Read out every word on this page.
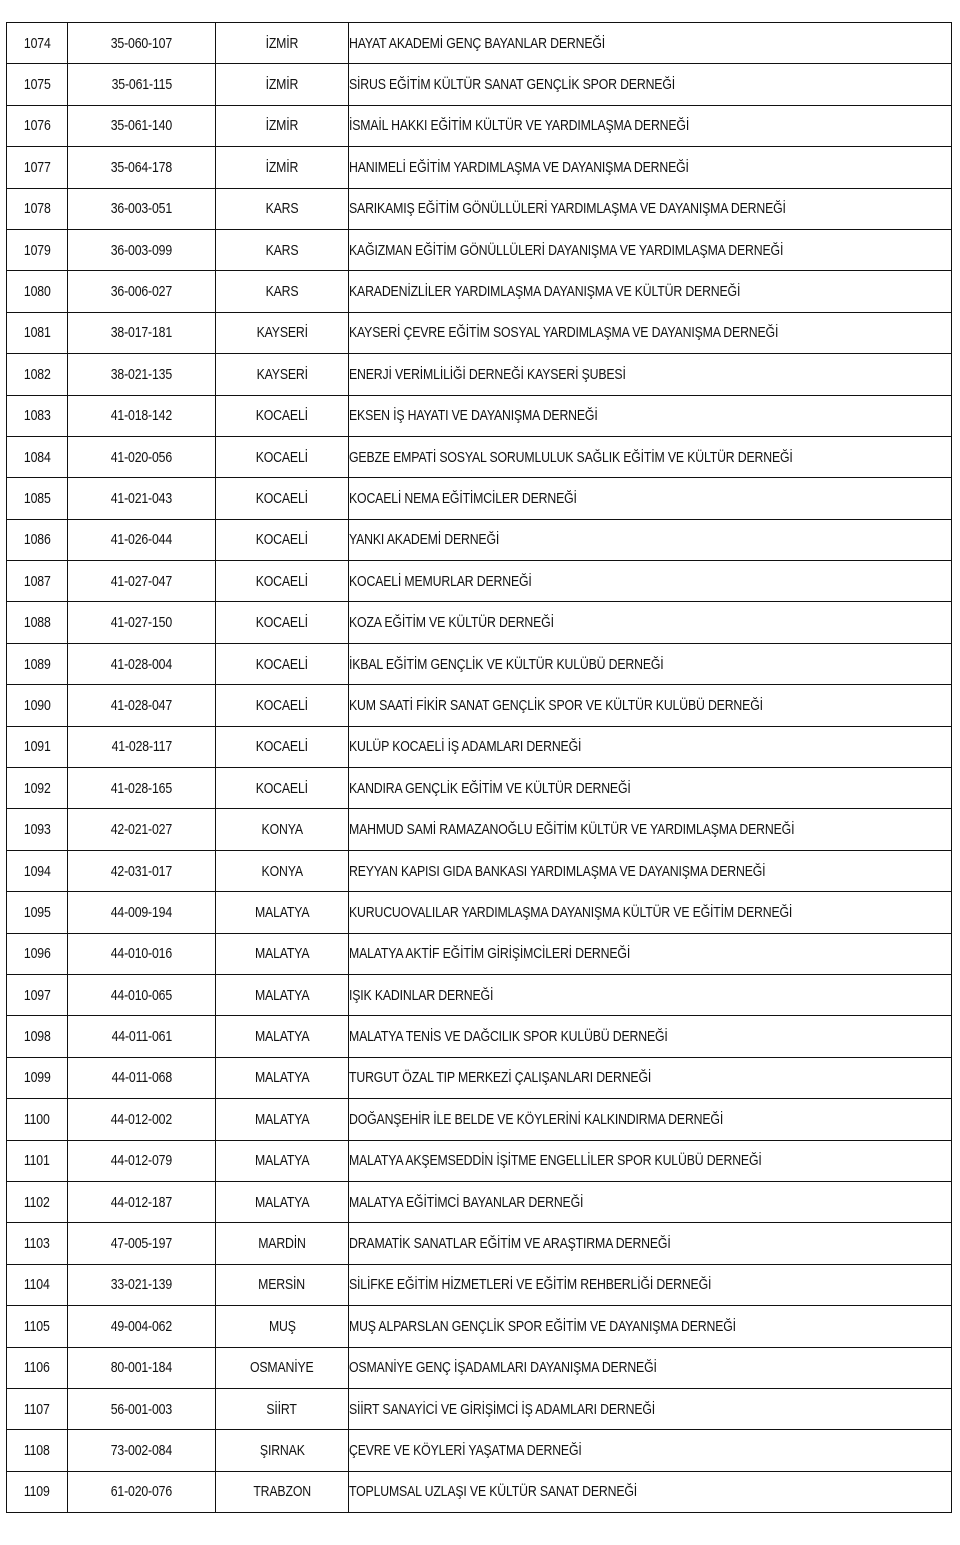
1074	35-060-107	İZMİR	HAYAT AKADEMİ GENÇ BAYANLAR DERNEĞİ
1075	35-061-115	İZMİR	SİRUS EĞİTİM KÜLTÜR SANAT GENÇLİK SPOR DERNEĞİ
1076	35-061-140	İZMİR	İSMAİL HAKKI EĞİTİM KÜLTÜR VE YARDIMLAŞMA DERNEĞİ
1077	35-064-178	İZMİR	HANIMELİ EĞİTİM YARDIMLAŞMA VE DAYANIŞMA DERNEĞİ
1078	36-003-051	KARS	SARIKAMIŞ EĞİTİM GÖNÜLLÜLERİ YARDIMLAŞMA VE DAYANIŞMA DERNEĞİ
1079	36-003-099	KARS	KAĞIZMAN EĞİTİM GÖNÜLLÜLERİ DAYANIŞMA VE YARDIMLAŞMA DERNEĞİ
1080	36-006-027	KARS	KARADENİZLİLER YARDIMLAŞMA DAYANIŞMA VE KÜLTÜR DERNEĞİ
1081	38-017-181	KAYSERİ	KAYSERİ ÇEVRE EĞİTİM SOSYAL YARDIMLAŞMA VE DAYANIŞMA DERNEĞİ
1082	38-021-135	KAYSERİ	ENERJİ VERİMLİLİĞİ DERNEĞİ KAYSERİ ŞUBESİ
1083	41-018-142	KOCAELİ	EKSEN İŞ HAYATI VE DAYANIŞMA DERNEĞİ
1084	41-020-056	KOCAELİ	GEBZE EMPATİ SOSYAL SORUMLULUK SAĞLIK EĞİTİM VE KÜLTÜR DERNEĞİ
1085	41-021-043	KOCAELİ	KOCAELİ NEMA EĞİTİMCİLER DERNEĞİ
1086	41-026-044	KOCAELİ	YANKI AKADEMİ DERNEĞİ
1087	41-027-047	KOCAELİ	KOCAELİ MEMURLAR DERNEĞİ
1088	41-027-150	KOCAELİ	KOZA EĞİTİM VE KÜLTÜR DERNEĞİ
1089	41-028-004	KOCAELİ	İKBAL EĞİTİM GENÇLİK VE KÜLTÜR KULÜBÜ DERNEĞİ
1090	41-028-047	KOCAELİ	KUM SAATİ FİKİR SANAT GENÇLİK SPOR VE KÜLTÜR KULÜBÜ DERNEĞİ
1091	41-028-117	KOCAELİ	KULÜP KOCAELİ İŞ ADAMLARI DERNEĞİ
1092	41-028-165	KOCAELİ	KANDIRA GENÇLİK EĞİTİM VE KÜLTÜR DERNEĞİ
1093	42-021-027	KONYA	MAHMUD SAMİ RAMAZANOĞLU EĞİTİM KÜLTÜR VE YARDIMLAŞMA DERNEĞİ
1094	42-031-017	KONYA	REYYAN KAPISI GIDA BANKASI YARDIMLAŞMA VE DAYANIŞMA DERNEĞİ
1095	44-009-194	MALATYA	KURUCUOVALILAR YARDIMLAŞMA DAYANIŞMA KÜLTÜR VE EĞİTİM DERNEĞİ
1096	44-010-016	MALATYA	MALATYA AKTİF EĞİTİM GİRİŞİMCİLERİ DERNEĞİ
1097	44-010-065	MALATYA	IŞIK KADINLAR DERNEĞİ
1098	44-011-061	MALATYA	MALATYA TENİS VE DAĞCILIK SPOR KULÜBÜ DERNEĞİ
1099	44-011-068	MALATYA	TURGUT ÖZAL TIP MERKEZİ ÇALIŞANLARI DERNEĞİ
1100	44-012-002	MALATYA	DOĞANŞEHİR İLE BELDE VE KÖYLERİNİ KALKINDIRMA DERNEĞİ
1101	44-012-079	MALATYA	MALATYA AKŞEMSEDDİN İŞİTME ENGELLİLER SPOR KULÜBÜ DERNEĞİ
1102	44-012-187	MALATYA	MALATYA EĞİTİMCİ BAYANLAR DERNEĞİ
1103	47-005-197	MARDİN	DRAMATİK SANATLAR EĞİTİM VE ARAŞTIRMA DERNEĞİ
1104	33-021-139	MERSİN	SİLİFKE EĞİTİM HİZMETLERİ VE EĞİTİM REHBERLİĞİ DERNEĞİ
1105	49-004-062	MUŞ	MUŞ ALPARSLAN GENÇLİK SPOR EĞİTİM VE DAYANIŞMA DERNEĞİ
1106	80-001-184	OSMANİYE	OSMANİYE GENÇ İŞADAMLARI DAYANIŞMA DERNEĞİ
1107	56-001-003	SİİRT	SİİRT SANAYİCİ VE GİRİŞİMCİ İŞ ADAMLARI DERNEĞİ
1108	73-002-084	ŞIRNAK	ÇEVRE VE KÖYLERİ YAŞATMA DERNEĞİ
1109	61-020-076	TRABZON	TOPLUMSAL UZLAŞI VE KÜLTÜR SANAT DERNEĞİ
